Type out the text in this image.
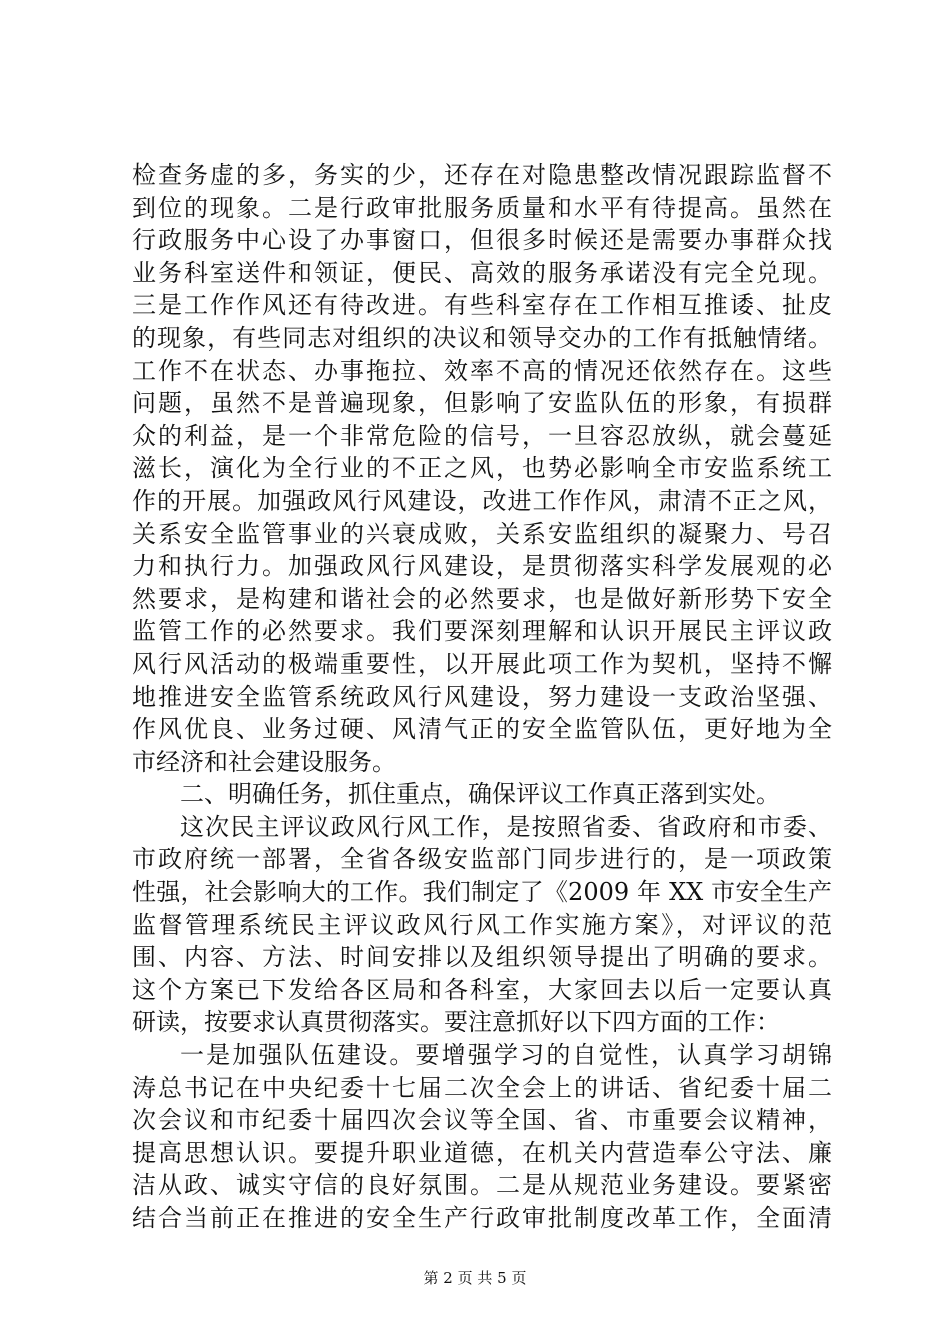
检查务虚的多，务实的少，还存在对隐患整改情况跟踪监督不
到位的现象。二是行政审批服务质量和水平有待提高。虽然在
行政服务中心设了办事窗口，但很多时候还是需要办事群众找
业务科室送件和领证，便民、高效的服务承诺没有完全兑现。
三是工作作风还有待改进。有些科室存在工作相互推诿、扯皮
的现象，有些同志对组织的决议和领导交办的工作有抵触情绪。
工作不在状态、办事拖拉、效率不高的情况还依然存在。这些
问题，虽然不是普遍现象，但影响了安监队伍的形象，有损群
众的利益，是一个非常危险的信号，一旦容忍放纵，就会蔓延
滋长，演化为全行业的不正之风，也势必影响全市安监系统工
作的开展。加强政风行风建设，改进工作作风，肃清不正之风，
关系安全监管事业的兴衰成败，关系安监组织的凝聚力、号召
力和执行力。加强政风行风建设，是贯彻落实科学发展观的必
然要求，是构建和谐社会的必然要求，也是做好新形势下安全
监管工作的必然要求。我们要深刻理解和认识开展民主评议政
风行风活动的极端重要性，以开展此项工作为契机，坚持不懈
地推进安全监管系统政风行风建设，努力建设一支政治坚强、
作风优良、业务过硬、风清气正的安全监管队伍，更好地为全
市经济和社会建设服务。
二、明确任务，抓住重点，确保评议工作真正落到实处。
这次民主评议政风行风工作，是按照省委、省政府和市委、
市政府统一部署，全省各级安监部门同步进行的，是一项政策
性强，社会影响大的工作。我们制定了《2009 年 XX 市安全生产
监督管理系统民主评议政风行风工作实施方案》，对评议的范
围、内容、方法、时间安排以及组织领导提出了明确的要求。
这个方案已下发给各区局和各科室，大家回去以后一定要认真
研读，按要求认真贯彻落实。要注意抓好以下四方面的工作：
一是加强队伍建设。要增强学习的自觉性，认真学习胡锦
涛总书记在中央纪委十七届二次全会上的讲话、省纪委十届二
次会议和市纪委十届四次会议等全国、省、市重要会议精神，
提高思想认识。要提升职业道德，在机关内营造奉公守法、廉
洁从政、诚实守信的良好氛围。二是从规范业务建设。要紧密
结合当前正在推进的安全生产行政审批制度改革工作，全面清
第 2 页 共 5 页
